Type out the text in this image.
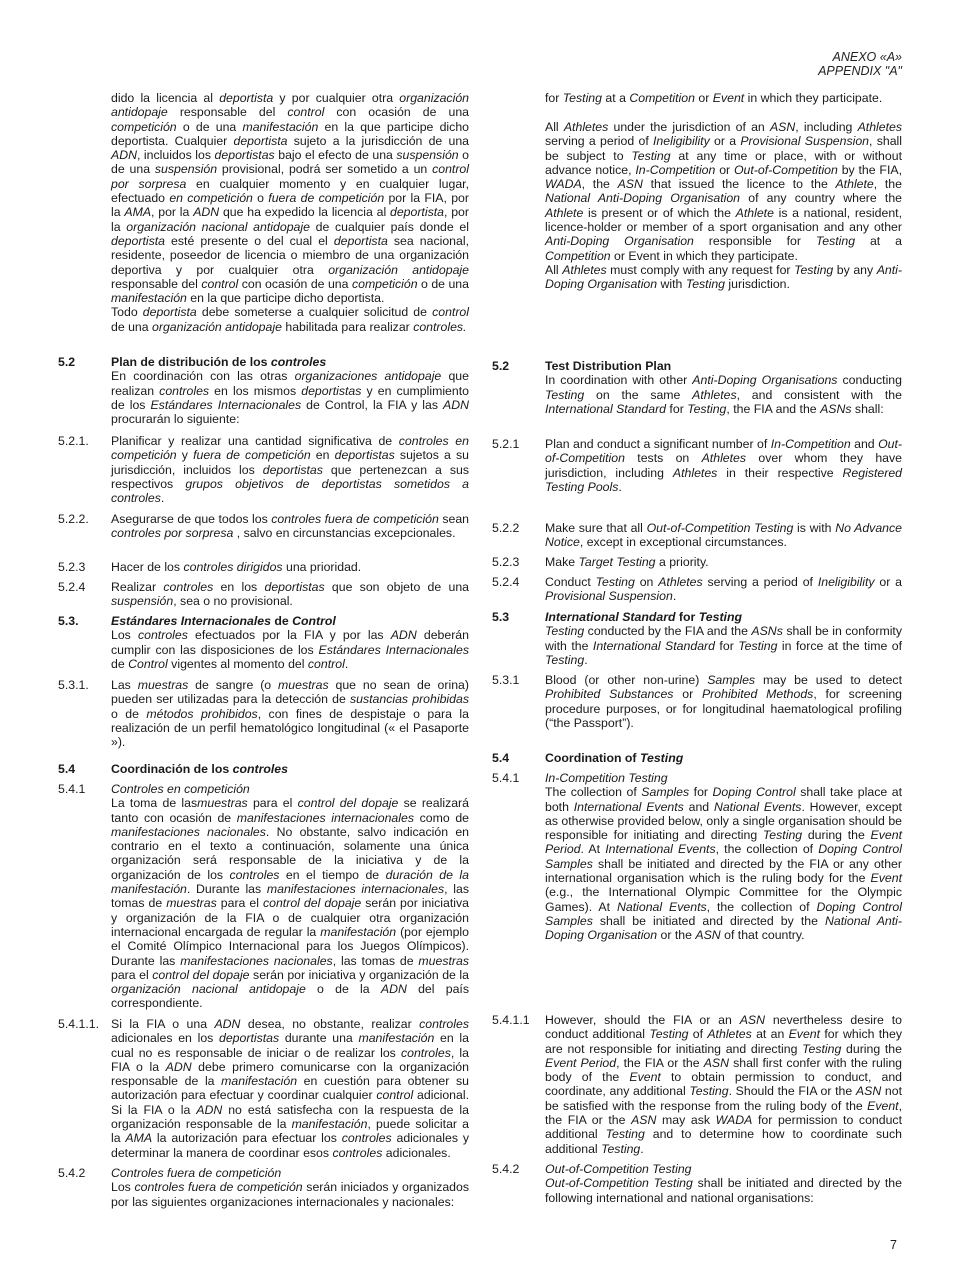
ANEXO «A»
APPENDIX "A"

dido la licencia al deportista y por cualquier otra organización antidopaje responsable del control con ocasión de una competición o de una manifestación en la que participe dicho deportista. Cualquier deportista sujeto a la jurisdicción de una ADN, incluidos los deportistas bajo el efecto de una suspensión o de una suspensión provisional, podrá ser sometido a un control por sorpresa en cualquier momento y en cualquier lugar, efectuado en competición o fuera de competición por la FIA, por la AMA, por la ADN que ha expedido la licencia al deportista, por la organización nacional antidopaje de cualquier país donde el deportista esté presente o del cual el deportista sea nacional, residente, poseedor de licencia o miembro de una organización deportiva y por cualquier otra organización antidopaje responsable del control con ocasión de una competición o de una manifestación en la que participe dicho deportista.

Todo deportista debe someterse a cualquier solicitud de control de una organización antidopaje habilitada para realizar controles.

5.2	Plan de distribución de los controles

En coordinación con las otras organizaciones antidopaje que realizan controles en los mismos deportistas y en cumplimiento de los Estándares Internacionales de Control, la FIA y las ADN procurarán lo siguiente:

5.2.1.	Planificar y realizar una cantidad significativa de controles en competición y fuera de competición en deportistas sujetos a su jurisdicción, incluidos los deportistas que pertenezcan a sus respectivos grupos objetivos de deportistas sometidos a controles.
5.2.2.	Asegurarse de que todos los controles fuera de competición sean controles por sorpresa , salvo en circunstancias excepcionales.
5.2.3	Hacer de los controles dirigidos una prioridad.
5.2.4	Realizar controles en los deportistas que son objeto de una suspensión, sea o no provisional.
5.3.	Estándares Internacionales de Control

Los controles efectuados por la FIA y por las ADN deberán cumplir con las disposiciones de los Estándares Internacionales de Control vigentes al momento del control.

5.3.1.	Las muestras de sangre (o muestras que no sean de orina) pueden ser utilizadas para la detección de sustancias prohibidas o de métodos prohibidos, con fines de despistaje o para la realización de un perfil hematológico longitudinal (« el Pasaporte »).
5.4	Coordinación de los controles
5.4.1	Controles en competición

La toma de lasmuestras para el control del dopaje se realizará tanto con ocasión de manifestaciones internacionales como de manifestaciones nacionales. No obstante, salvo indicación en contrario en el texto a continuación, solamente una única organización será responsable de la iniciativa y de la organización de los controles en el tiempo de duración de la manifestación. Durante las manifestaciones internacionales, las tomas de muestras para el control del dopaje serán por iniciativa y organización de la FIA o de cualquier otra organización internacional encargada de regular la manifestación (por ejemplo el Comité Olímpico Internacional para los Juegos Olímpicos). Durante las manifestaciones nacionales, las tomas de muestras para el control del dopaje serán por iniciativa y organización de la organización nacional antidopaje o de la ADN del país correspondiente.

5.4.1.1. Si la FIA o una ADN desea, no obstante, realizar controles adicionales en los deportistas durante una manifestación en la cual no es responsable de iniciar o de realizar los controles, la FIA o la ADN debe primero comunicarse con la organización responsable de la manifestación en cuestión para obtener su autorización para efectuar y coordinar cualquier control adicional. Si la FIA o la ADN no está satisfecha con la respuesta de la organización responsable de la manifestación, puede solicitar a la AMA la autorización para efectuar los controles adicionales y determinar la manera de coordinar esos controles adicionales.

5.4.2	Controles fuera de competición

Los controles fuera de competición serán iniciados y organizados por las siguientes organizaciones internacionales y nacionales:

for Testing at a Competition or Event in which they participate.

All Athletes under the jurisdiction of an ASN, including Athletes serving a period of Ineligibility or a Provisional Suspension, shall be subject to Testing at any time or place, with or without advance notice, In-Competition or Out-of-Competition by the FIA, WADA, the ASN that issued the licence to the Athlete, the National Anti-Doping Organisation of any country where the Athlete is present or of which the Athlete is a national, resident, licence-holder or member of a sport organisation and any other Anti-Doping Organisation responsible for Testing at a Competition or Event in which they participate.

All Athletes must comply with any request for Testing by any Anti-Doping Organisation with Testing jurisdiction.

5.2	Test Distribution Plan

In coordination with other Anti-Doping Organisations conducting Testing on the same Athletes, and consistent with the International Standard for Testing, the FIA and the ASNs shall:

5.2.1	Plan and conduct a significant number of In-Competition and Out-of-Competition tests on Athletes over whom they have jurisdiction, including Athletes in their respective Registered Testing Pools.
5.2.2	Make sure that all Out-of-Competition Testing is with No Advance Notice, except in exceptional circumstances.
5.2.3	Make Target Testing a priority.
5.2.4	Conduct Testing on Athletes serving a period of Ineligibility or a Provisional Suspension.
5.3	International Standard for Testing

Testing conducted by the FIA and the ASNs shall be in conformity with the International Standard for Testing in force at the time of Testing.

5.3.1	Blood (or other non-urine) Samples may be used to detect Prohibited Substances or Prohibited Methods, for screening procedure purposes, or for longitudinal haematological profiling (“the Passport”).
5.4	Coordination of Testing
5.4.1	In-Competition Testing

The collection of Samples for Doping Control shall take place at both International Events and National Events. However, except as otherwise provided below, only a single organisation should be responsible for initiating and directing Testing during the Event Period. At International Events, the collection of Doping Control Samples shall be initiated and directed by the FIA or any other international organisation which is the ruling body for the Event (e.g., the International Olympic Committee for the Olympic Games). At National Events, the collection of Doping Control Samples shall be initiated and directed by the National Anti-Doping Organisation or the ASN of that country.

5.4.1.1	However, should the FIA or an ASN nevertheless desire to conduct additional Testing of Athletes at an Event for which they are not responsible for initiating and directing Testing during the Event Period, the FIA or the ASN shall first confer with the ruling body of the Event to obtain permission to conduct, and coordinate, any additional Testing. Should the FIA or the ASN not be satisfied with the response from the ruling body of the Event, the FIA or the ASN may ask WADA for permission to conduct additional Testing and to determine how to coordinate such additional Testing.
5.4.2	Out-of-Competition Testing

Out-of-Competition Testing shall be initiated and directed by the following international and national organisations:

7
